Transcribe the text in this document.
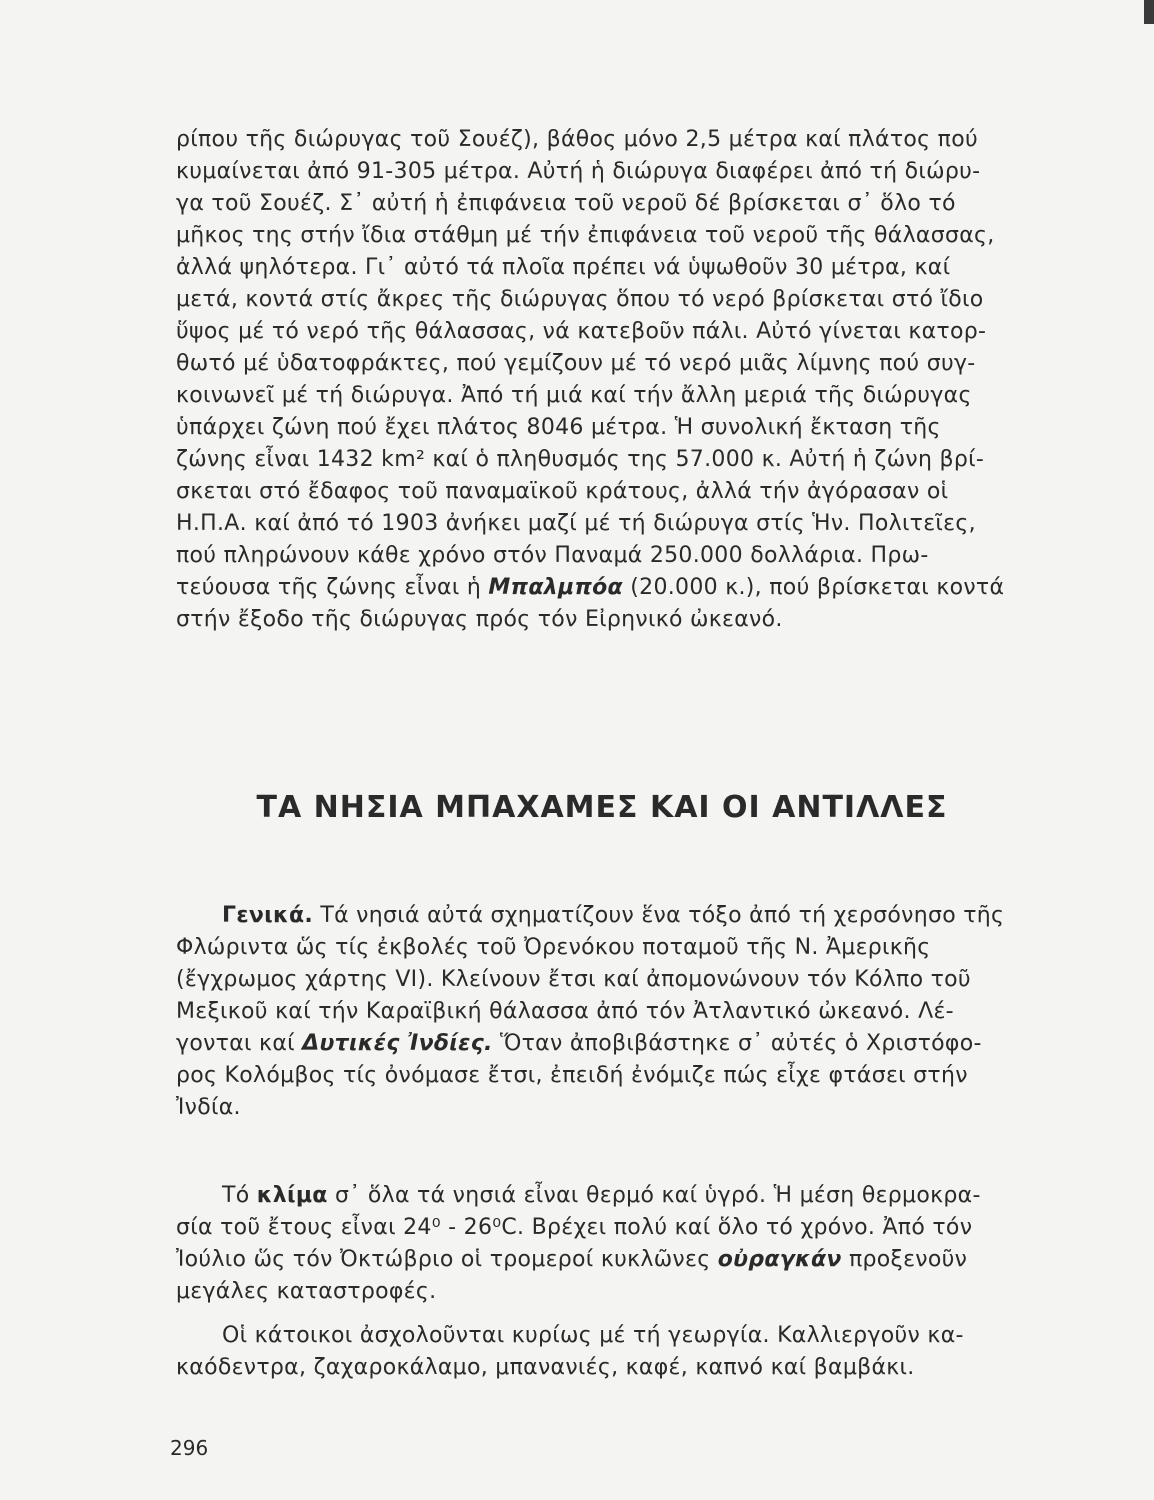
ρίπου τῆς διώρυγας τοῦ Σουέζ), βάθος μόνο 2,5 μέτρα καί πλάτος πού

κυμαίνεται ἀπό 91-305 μέτρα. Αὐτή ἡ διώρυγα διαφέρει ἀπό τή διώρυ-

γα τοῦ Σουέζ. Σ᾿ αὐτή ἡ ἐπιφάνεια τοῦ νεροῦ δέ βρίσκεται σ᾿ ὅλο τό

μῆκος της στήν ἴδια στάθμη μέ τήν ἐπιφάνεια τοῦ νεροῦ τῆς θάλασσας,

ἀλλά ψηλότερα. Γι᾿ αὐτό τά πλοῖα πρέπει νά ὑψωθοῦν 30 μέτρα, καί

μετά, κοντά στίς ἄκρες τῆς διώρυγας ὅπου τό νερό βρίσκεται στό ἴδιο

ὕψος μέ τό νερό τῆς θάλασσας, νά κατεβοῦν πάλι. Αὐτό γίνεται κατορ-

θωτό μέ ὑδατοφράκτες, πού γεμίζουν μέ τό νερό μιᾶς λίμνης πού συγ-

κοινωνεῖ μέ τή διώρυγα. Ἀπό τή μιά καί τήν ἄλλη μεριά τῆς διώρυγας

ὑπάρχει ζώνη πού ἔχει πλάτος 8046 μέτρα. Ἡ συνολική ἔκταση τῆς

ζώνης εἶναι 1432 km² καί ὁ πληθυσμός της 57.000 κ. Αὐτή ἡ ζώνη βρί-

σκεται στό ἔδαφος τοῦ παναμαϊκοῦ κράτους, ἀλλά τήν ἀγόρασαν οἱ

Η.Π.Α. καί ἀπό τό 1903 ἀνήκει μαζί μέ τή διώρυγα στίς Ἡν. Πολιτεῖες,

πού πληρώνουν κάθε χρόνο στόν Παναμά 250.000 δολλάρια. Πρω-

τεύουσα τῆς ζώνης εἶναι ἡ Μπαλμπόα (20.000 κ.), πού βρίσκεται κοντά

στήν ἔξοδο τῆς διώρυγας πρός τόν Εἰρηνικό ὠκεανό.

ΤΑ ΝΗΣΙΑ ΜΠΑΧΑΜΕΣ ΚΑΙ ΟΙ ΑΝΤΙΛΛΕΣ

Γενικά. Τά νησιά αὐτά σχηματίζουν ἕνα τόξο ἀπό τή χερσόνησο τῆς

Φλώριντα ὥς τίς ἐκβολές τοῦ Ὀρενόκου ποταμοῦ τῆς Ν. Ἀμερικῆς

(ἔγχρωμος χάρτης VI). Κλείνουν ἔτσι καί ἀπομονώνουν τόν Κόλπο τοῦ

Μεξικοῦ καί τήν Καραϊβική θάλασσα ἀπό τόν Ἀτλαντικό ὠκεανό. Λέ-

γονται καί Δυτικές Ἰνδίες. Ὅταν ἀποβιβάστηκε σ᾿ αὐτές ὁ Χριστόφο-

ρος Κολόμβος τίς ὀνόμασε ἔτσι, ἐπειδή ἐνόμιζε πώς εἶχε φτάσει στήν

Ἰνδία.

Τό κλίμα σ᾿ ὅλα τά νησιά εἶναι θερμό καί ὑγρό. Ἡ μέση θερμοκρα-

σία τοῦ ἔτους εἶναι 24⁰ - 26⁰C. Βρέχει πολύ καί ὅλο τό χρόνο. Ἀπό τόν

Ἰούλιο ὥς τόν Ὀκτώβριο οἱ τρομεροί κυκλῶνες οὐραγκάν προξενοῦν

μεγάλες καταστροφές.

Οἱ κάτοικοι ἀσχολοῦνται κυρίως μέ τή γεωργία. Καλλιεργοῦν κα-

καόδεντρα, ζαχαροκάλαμο, μπανανιές, καφέ, καπνό καί βαμβάκι.

296
